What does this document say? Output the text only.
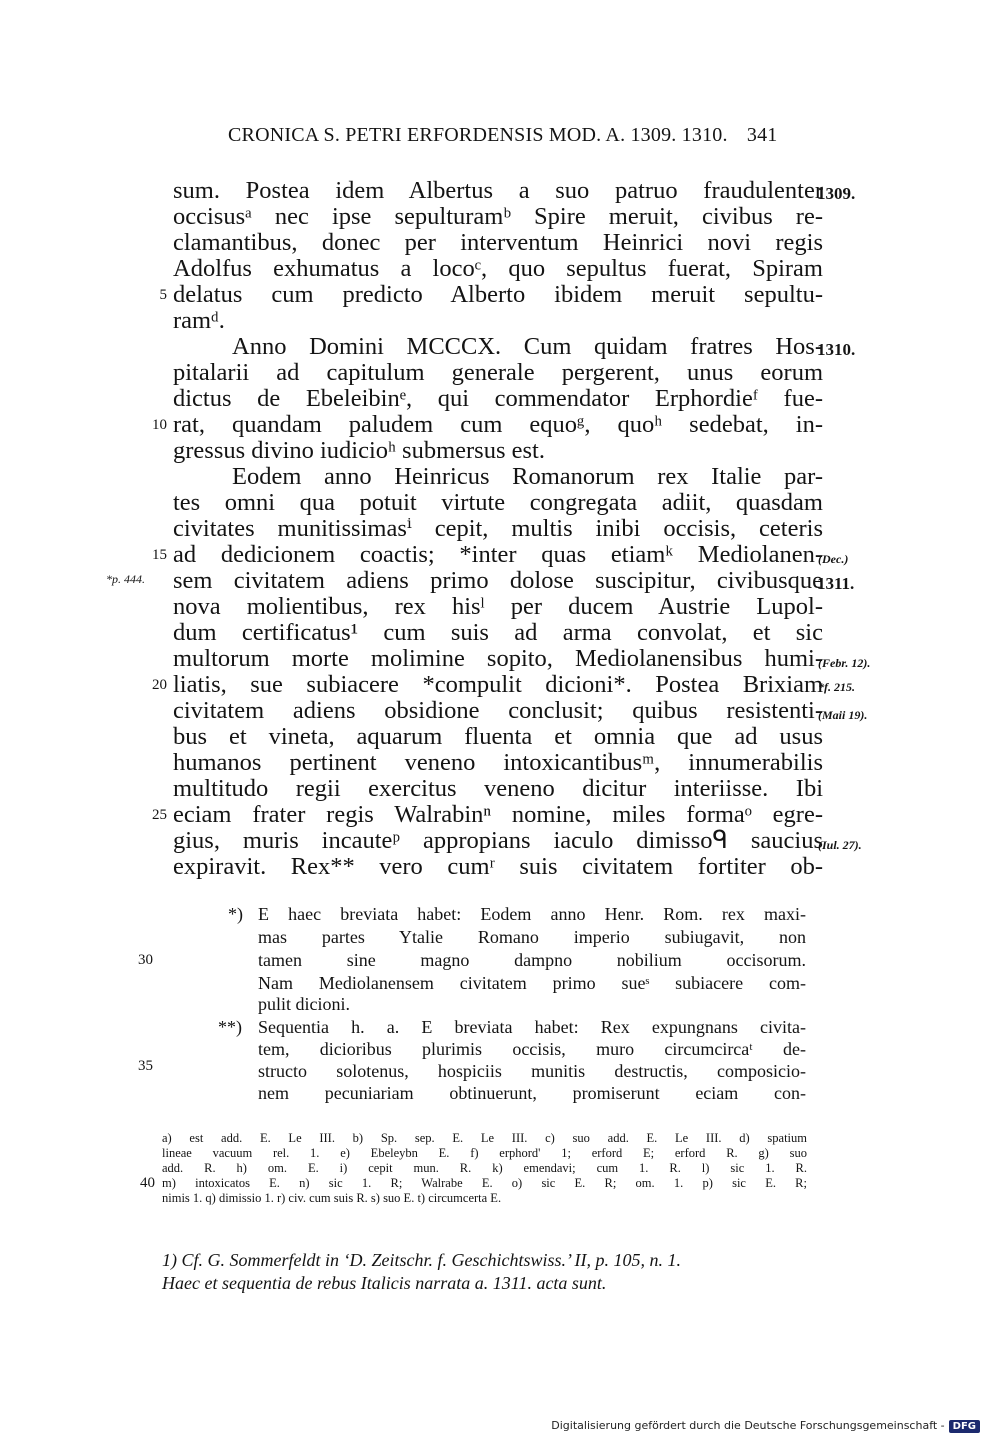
CRONICA S. PETRI ERFORDENSIS MOD. A. 1309. 1310. 341
sum. Postea idem Albertus a suo patruo fraudulenter
occisusᵃ nec ipse sepulturamᵇ Spire meruit, civibus re-
clamantibus, donec per interventum Heinrici novi regis
Adolfus exhumatus a locoᶜ, quo sepultus fuerat, Spiram
delatus cum predicto Alberto ibidem meruit sepultu-
ramᵈ.
Anno Domini MCCCX. Cum quidam fratres Hos-
pitalarii ad capitulum generale pergerent, unus eorum
dictus de Ebeleibinᵉ, qui commendator Erphordieᶠ fue-
rat, quandam paludem cum equoᵍ, quoʰ sedebat, in-
gressus divino iudicioʰ submersus est.
Eodem anno Heinricus Romanorum rex Italie par-
tes omni qua potuit virtute congregata adiit, quasdam
civitates munitissimasⁱ cepit, multis inibi occisis, ceteris
ad dedicionem coactis; *inter quas etiamᵏ Mediolanen-
sem civitatem adiens primo dolose suscipitur, civibusque
nova molientibus, rex hisˡ per ducem Austrie Lupol-
dum certificatus¹ cum suis ad arma convolat, et sic
multorum morte molimine sopito, Mediolanensibus humi-
liatis, sue subiacere *compulit dicioni*. Postea Brixiam
civitatem adiens obsidione conclusit; quibus resistenti-
bus et vineta, aquarum fluenta et omnia que ad usus
humanos pertinent veneno intoxicantibusᵐ, innumerabilis
multitudo regii exercitus veneno dicitur interiisse. Ibi
eciam frater regis Walrabinⁿ nomine, miles formaᵒ egre-
gius, muris incauteᵖ appropians iaculo dimissoᑫ saucius
expiravit. Rex** vero cumʳ suis civitatem fortiter ob-
5
10
15
20
25
1309.
1310.
(Dec.)
*p. 444.	1311.
(Febr. 12).
*f. 215.
(Maii 19).
(Iul. 27).
*) E haec breviata habet: Eodem anno Henr. Rom. rex maxi-
mas partes Ytalie Romano imperio subiugavit, non
tamen sine magno dampno nobilium occisorum.
Nam Mediolanensem civitatem primo sueˢ subiacere com-
pulit dicioni.
**) Sequentia h. a. E breviata habet: Rex expungnans civita-
tem, dicioribus plurimis occisis, muro circumcircaᵗ de-
structo solotenus, hospiciis munitis destructis, composicio-
nem pecuniariam obtinuerunt, promiserunt eciam con-
30
35
a) est add. E. Le III. b) Sp. sep. E. Le III. c) suo add. E. Le III. d) spatium
lineae vacuum rel. 1. e) Ebeleybn E. f) erphord' 1; erford E; erford R. g) suo
add. R. h) om. E. i) cepit mun. R. k) emendavi; cum 1. R. l) sic 1. R.
m) intoxicatos E. n) sic 1. R; Walrabe E. o) sic E. R; om. 1. p) sic E. R;
nimis 1. q) dimissio 1. r) civ. cum suis R. s) suo E. t) circumcerta E.
40
1) Cf. G. Sommerfeldt in ‘D. Zeitschr. f. Geschichtswiss.’ II, p. 105, n. 1.
Haec et sequentia de rebus Italicis narrata a. 1311. acta sunt.
Digitalisierung gefördert durch die Deutsche Forschungsgemeinschaft - DFG
